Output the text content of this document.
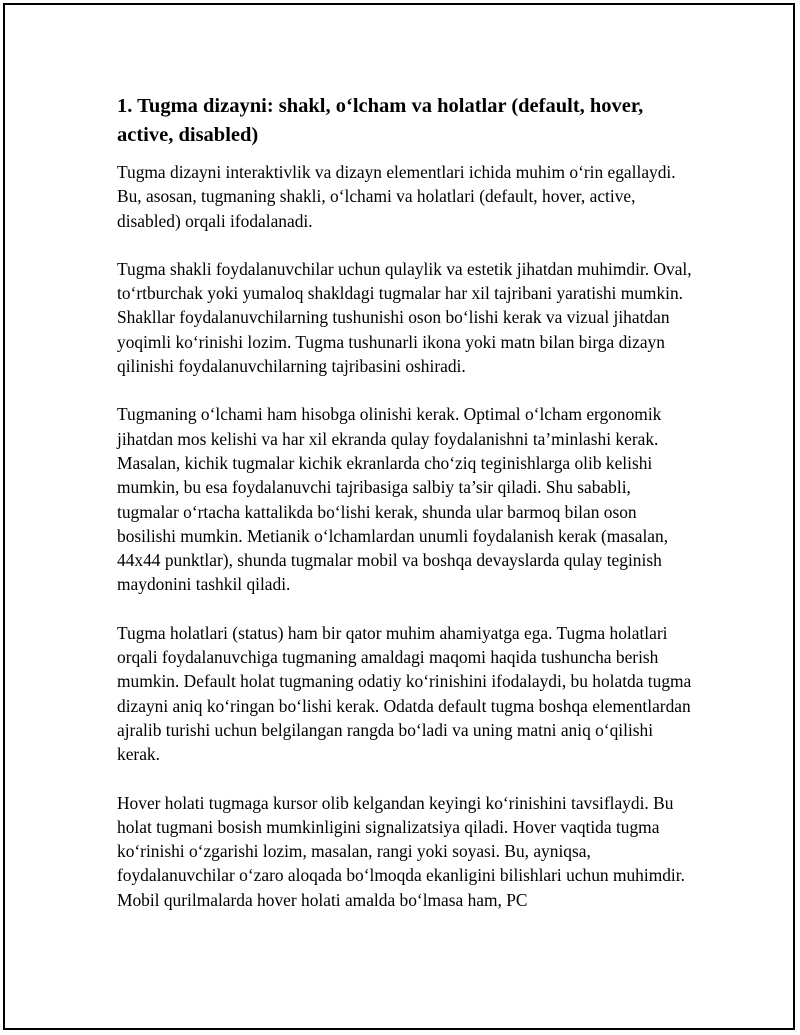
1. Tugma dizayni: shakl, o‘lcham va holatlar (default, hover, active, disabled)

Tugma dizayni interaktivlik va dizayn elementlari ichida muhim o‘rin egallaydi. Bu, asosan, tugmaning shakli, o‘lchami va holatlari (default, hover, active, disabled) orqali ifodalanadi.

Tugma shakli foydalanuvchilar uchun qulaylik va estetik jihatdan muhimdir. Oval, to‘rtburchak yoki yumaloq shakldagi tugmalar har xil tajribani yaratishi mumkin. Shakllar foydalanuvchilarning tushunishi oson bo‘lishi kerak va vizual jihatdan yoqimli ko‘rinishi lozim. Tugma tushunarli ikona yoki matn bilan birga dizayn qilinishi foydalanuvchilarning tajribasini oshiradi.

Tugmaning o‘lchami ham hisobga olinishi kerak. Optimal o‘lcham ergonomik jihatdan mos kelishi va har xil ekranda qulay foydalanishni ta’minlashi kerak. Masalan, kichik tugmalar kichik ekranlarda cho‘ziq teginishlarga olib kelishi mumkin, bu esa foydalanuvchi tajribasiga salbiy ta’sir qiladi. Shu sababli, tugmalar o‘rtacha kattalikda bo‘lishi kerak, shunda ular barmoq bilan oson bosilishi mumkin. Metianik o‘lchamlardan unumli foydalanish kerak (masalan, 44x44 punktlar), shunda tugmalar mobil va boshqa devayslarda qulay teginish maydonini tashkil qiladi.

Tugma holatlari (status) ham bir qator muhim ahamiyatga ega. Tugma holatlari orqali foydalanuvchiga tugmaning amaldagi maqomi haqida tushuncha berish mumkin. Default holat tugmaning odatiy ko‘rinishini ifodalaydi, bu holatda tugma dizayni aniq ko‘ringan bo‘lishi kerak. Odatda default tugma boshqa elementlardan ajralib turishi uchun belgilangan rangda bo‘ladi va uning matni aniq o‘qilishi kerak.

Hover holati tugmaga kursor olib kelgandan keyingi ko‘rinishini tavsiflaydi. Bu holat tugmani bosish mumkinligini signalizatsiya qiladi. Hover vaqtida tugma ko‘rinishi o‘zgarishi lozim, masalan, rangi yoki soyasi. Bu, ayniqsa, foydalanuvchilar o‘zaro aloqada bo‘lmoqda ekanligini bilishlari uchun muhimdir. Mobil qurilmalarda hover holati amalda bo‘lmasa ham, PC
